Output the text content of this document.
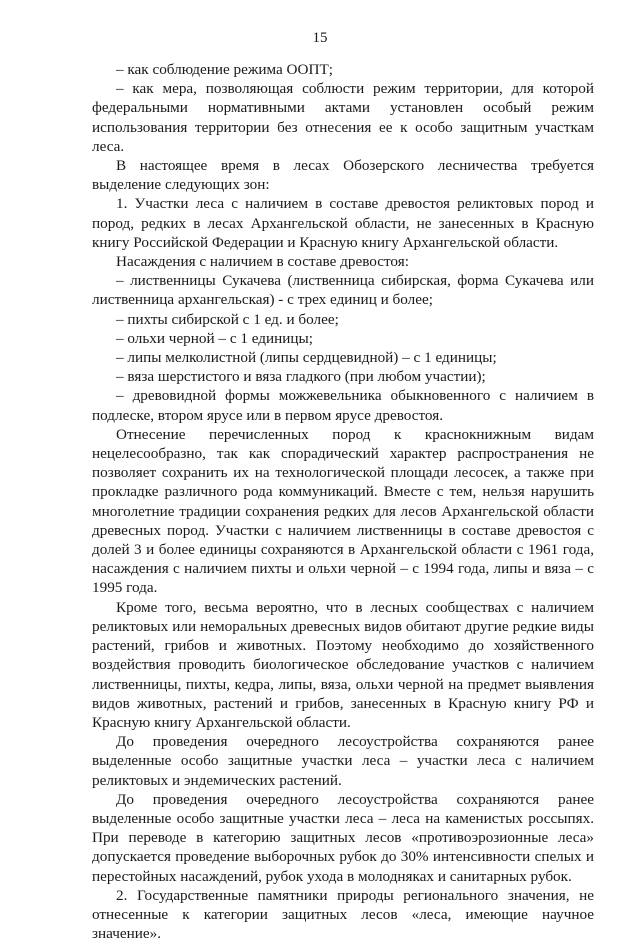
15

– как соблюдение режима ООПТ;

– как мера, позволяющая соблюсти режим территории, для которой федеральными нормативными актами установлен особый режим использования территории без отнесения ее к особо защитным участкам леса.

В настоящее время в лесах Обозерского лесничества требуется выделение следующих зон:

1. Участки леса с наличием в составе древостоя реликтовых пород и пород, редких в лесах Архангельской области, не занесенных в Красную книгу Российской Федерации и Красную книгу Архангельской области.

Насаждения с наличием в составе древостоя:

– лиственницы Сукачева (лиственница сибирская, форма Сукачева или лиственница архангельская) - с трех единиц и более;

– пихты сибирской с 1 ед. и более;

– ольхи черной – с 1 единицы;

– липы мелколистной (липы сердцевидной) – с 1 единицы;

– вяза шерстистого и вяза гладкого (при любом участии);

– древовидной формы можжевельника обыкновенного с наличием в подлеске, втором ярусе или в первом ярусе древостоя.

Отнесение перечисленных пород к краснокнижным видам нецелесообразно, так как спорадический характер распространения не позволяет сохранить их на технологической площади лесосек, а также при прокладке различного рода коммуникаций. Вместе с тем, нельзя нарушить многолетние традиции сохранения редких для лесов Архангельской области древесных пород. Участки с наличием лиственницы в составе древостоя с долей 3 и более единицы сохраняются в Архангельской области с 1961 года, насаждения с наличием пихты и ольхи черной – с 1994 года, липы и вяза – с 1995 года.

Кроме того, весьма вероятно, что в лесных сообществах с наличием реликтовых или неморальных древесных видов обитают другие редкие виды растений, грибов и животных. Поэтому необходимо до хозяйственного воздействия проводить биологическое обследование участков с наличием лиственницы, пихты, кедра, липы, вяза, ольхи черной на предмет выявления видов животных, растений и грибов, занесенных в Красную книгу РФ и Красную книгу Архангельской области.

До проведения очередного лесоустройства сохраняются ранее выделенные особо защитные участки леса – участки леса с наличием реликтовых и эндемических растений.

До проведения очередного лесоустройства сохраняются ранее выделенные особо защитные участки леса – леса на каменистых россыпях. При переводе в категорию защитных лесов «противоэрозионные леса» допускается проведение выборочных рубок до 30% интенсивности спелых и перестойных насаждений, рубок ухода в молодняках и санитарных рубок.

2. Государственные памятники природы регионального значения, не отнесенные к категории защитных лесов «леса, имеющие научное значение».
